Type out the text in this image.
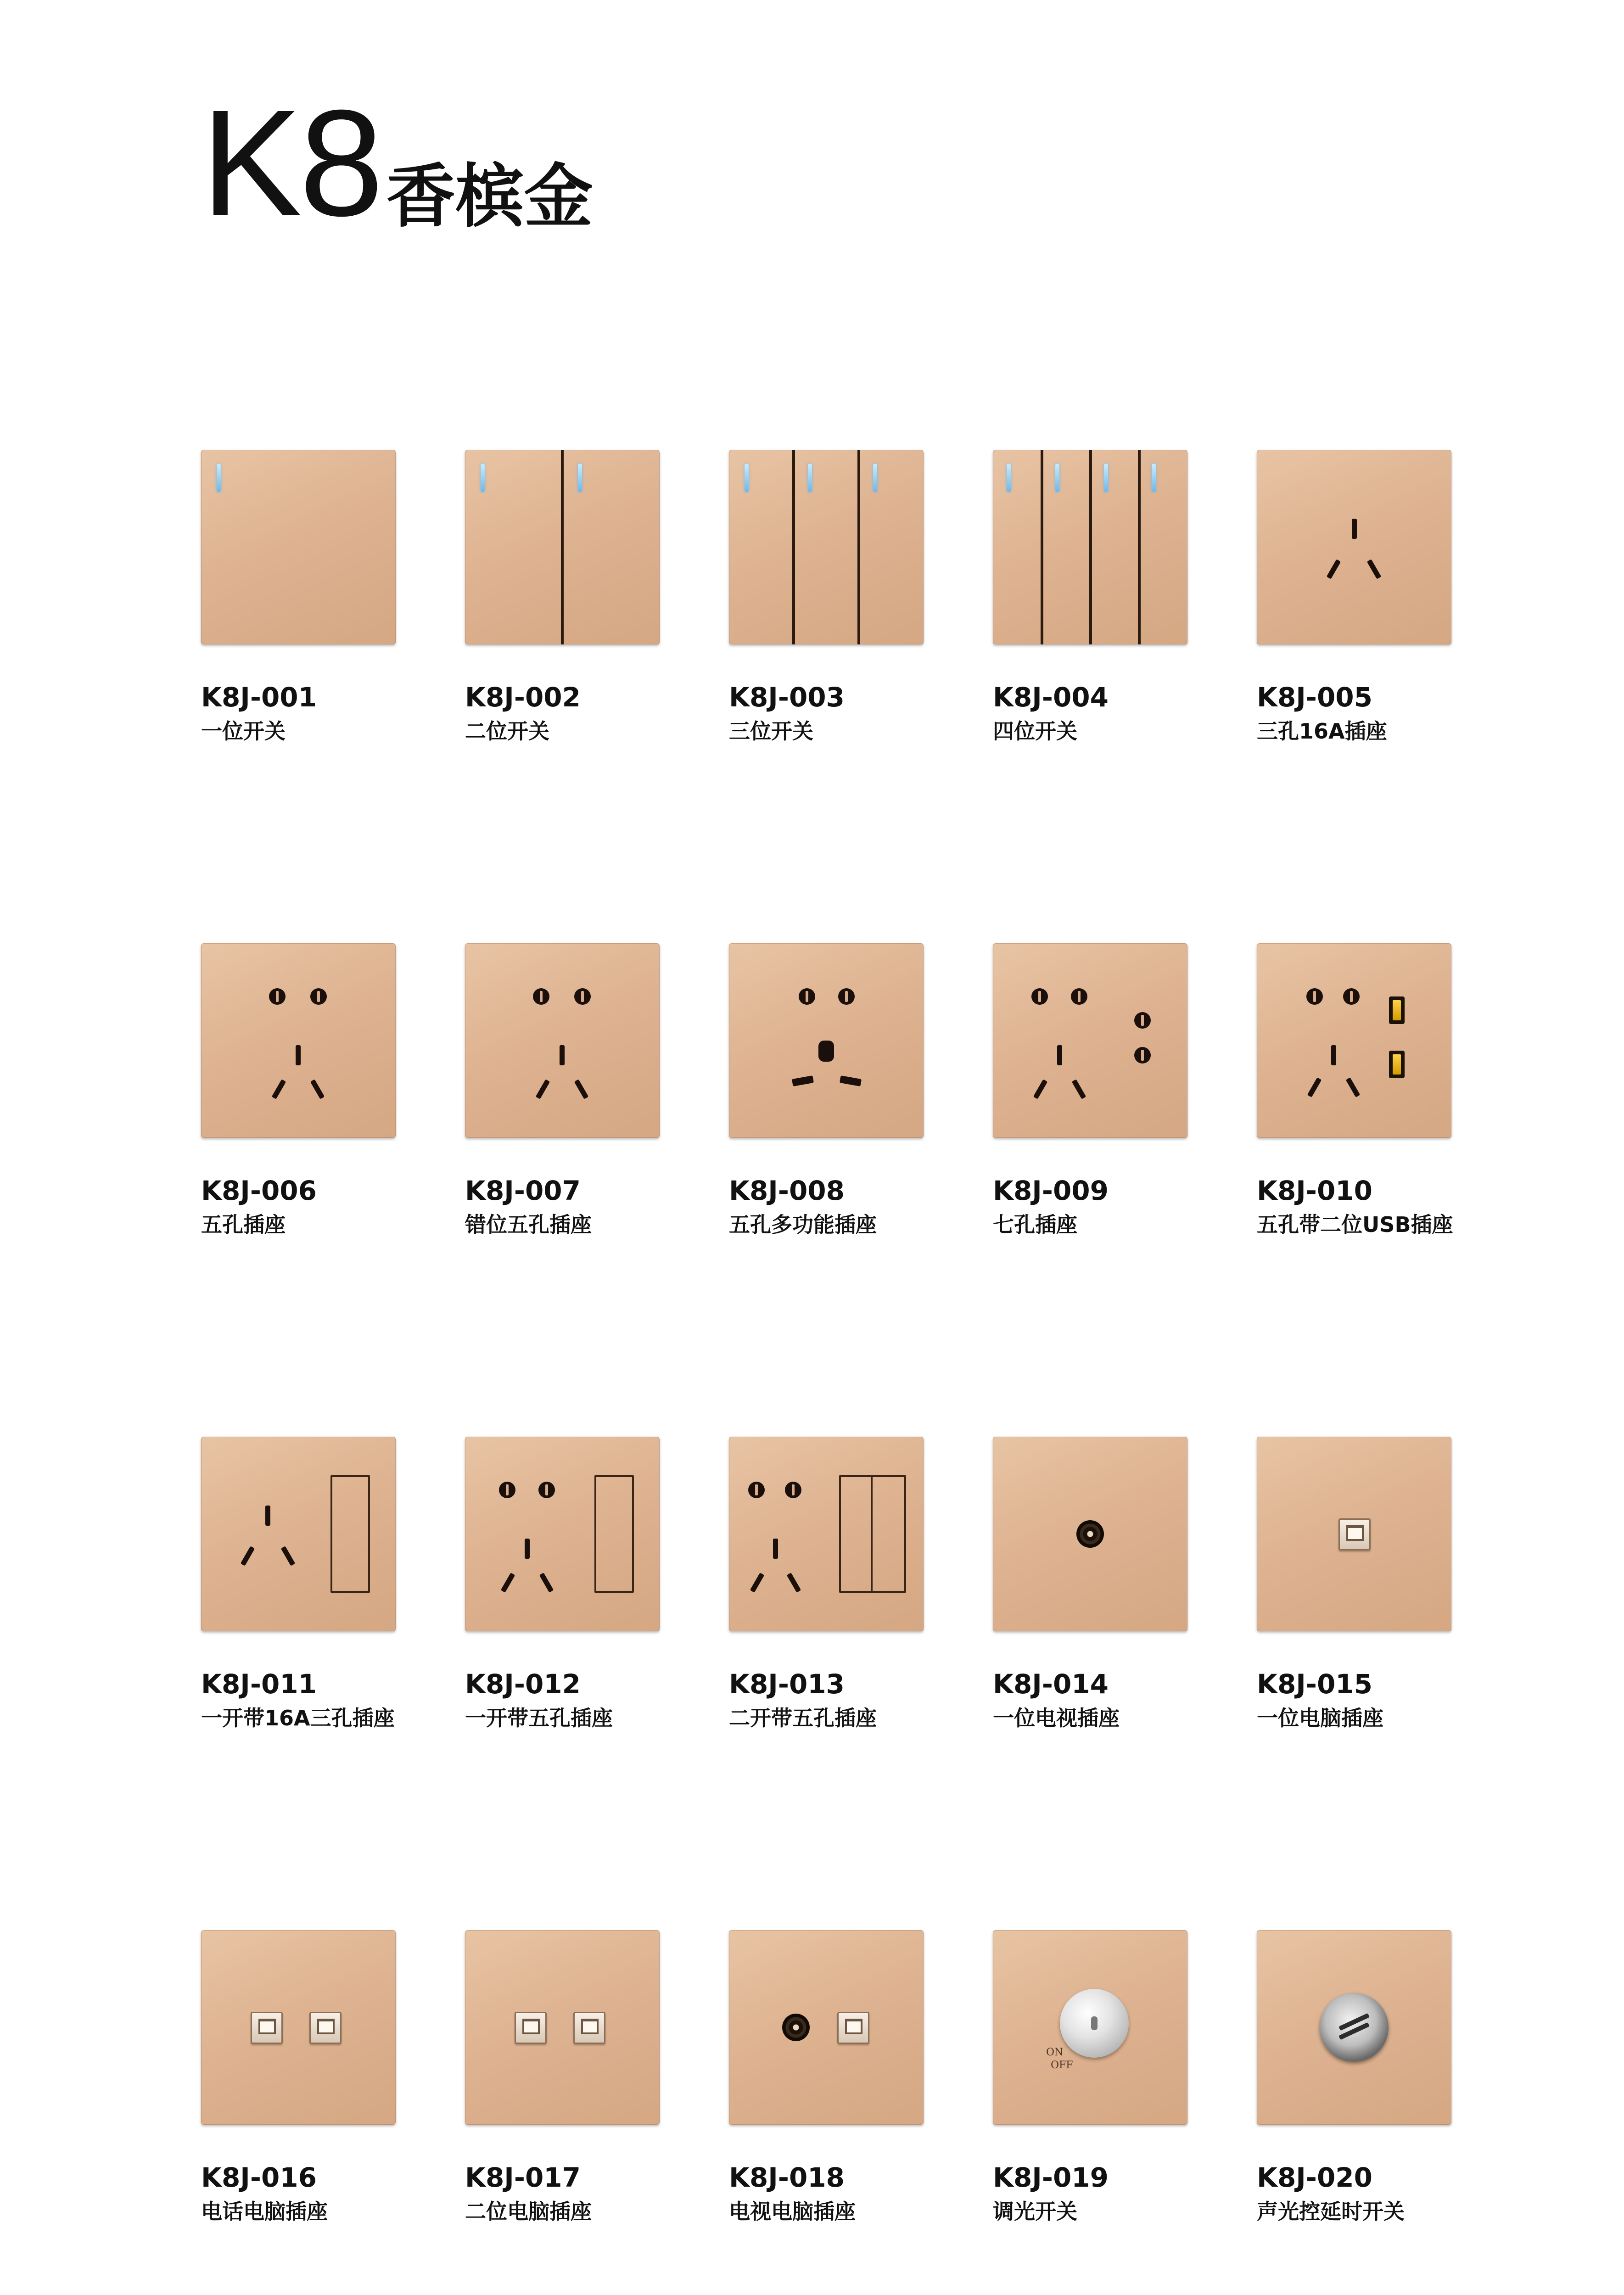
K8 香槟金
K8J-001
一位开关
K8J-002
二位开关
K8J-003
三位开关
K8J-004
四位开关
K8J-005
三孔16A插座
K8J-006
五孔插座
K8J-007
错位五孔插座
K8J-008
五孔多功能插座
K8J-009
七孔插座
K8J-010
五孔带二位USB插座
K8J-011
一开带16A三孔插座
K8J-012
一开带五孔插座
K8J-013
二开带五孔插座
K8J-014
一位电视插座
K8J-015
一位电脑插座
K8J-016
电话电脑插座
K8J-017
二位电脑插座
K8J-018
电视电脑插座
ON
OFF
K8J-019
调光开关
K8J-020
声光控延时开关
